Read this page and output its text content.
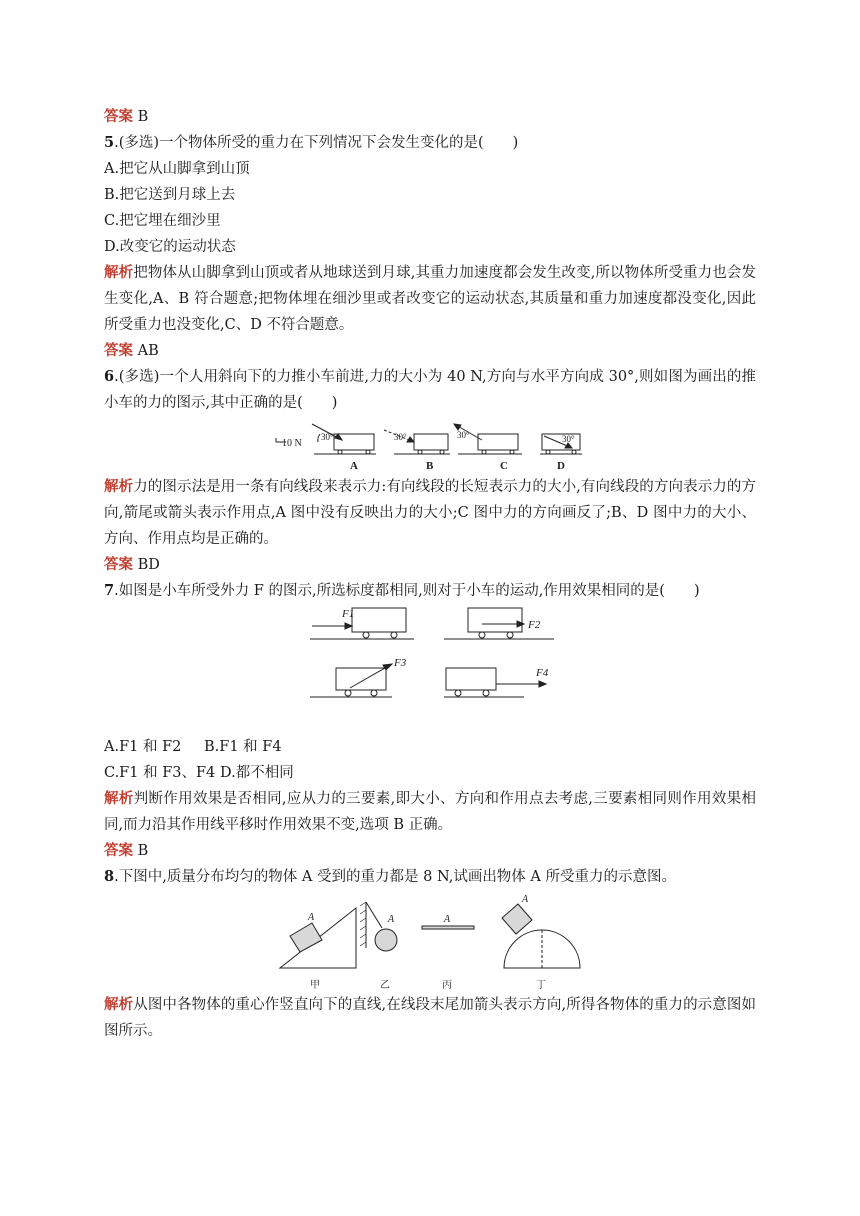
答案 B
5.(多选)一个物体所受的重力在下列情况下会发生变化的是(　　)
A.把它从山脚拿到山顶
B.把它送到月球上去
C.把它埋在细沙里
D.改变它的运动状态
解析把物体从山脚拿到山顶或者从地球送到月球,其重力加速度都会发生改变,所以物体所受重力也会发生变化,A、B 符合题意;把物体埋在细沙里或者改变它的运动状态,其质量和重力加速度都没变化,因此所受重力也没变化,C、D 不符合题意。
答案 AB
6.(多选)一个人用斜向下的力推小车前进,力的大小为 40 N,方向与水平方向成 30°,则如图为画出的推小车的力的图示,其中正确的是(　　)
10 N
30°	30°	30°	30°
A	B	C	D
解析力的图示法是用一条有向线段来表示力:有向线段的长短表示力的大小,有向线段的方向表示力的方向,箭尾或箭头表示作用点,A 图中没有反映出力的大小;C 图中力的方向画反了;B、D 图中力的大小、方向、作用点均是正确的。
答案 BD
7.如图是小车所受外力 F 的图示,所选标度都相同,则对于小车的运动,作用效果相同的是(　　)
F1
F2
F3
F4
A.F1 和 F2 B.F1 和 F4
C.F1 和 F3、F4 D.都不相同
解析判断作用效果是否相同,应从力的三要素,即大小、方向和作用点去考虑,三要素相同则作用效果相同,而力沿其作用线平移时作用效果不变,选项 B 正确。
答案 B
8.下图中,质量分布均匀的物体 A 受到的重力都是 8 N,试画出物体 A 所受重力的示意图。
A	A	A
A
甲	乙	丙	丁
解析从图中各物体的重心作竖直向下的直线,在线段末尾加箭头表示方向,所得各物体的重力的示意图如图所示。
